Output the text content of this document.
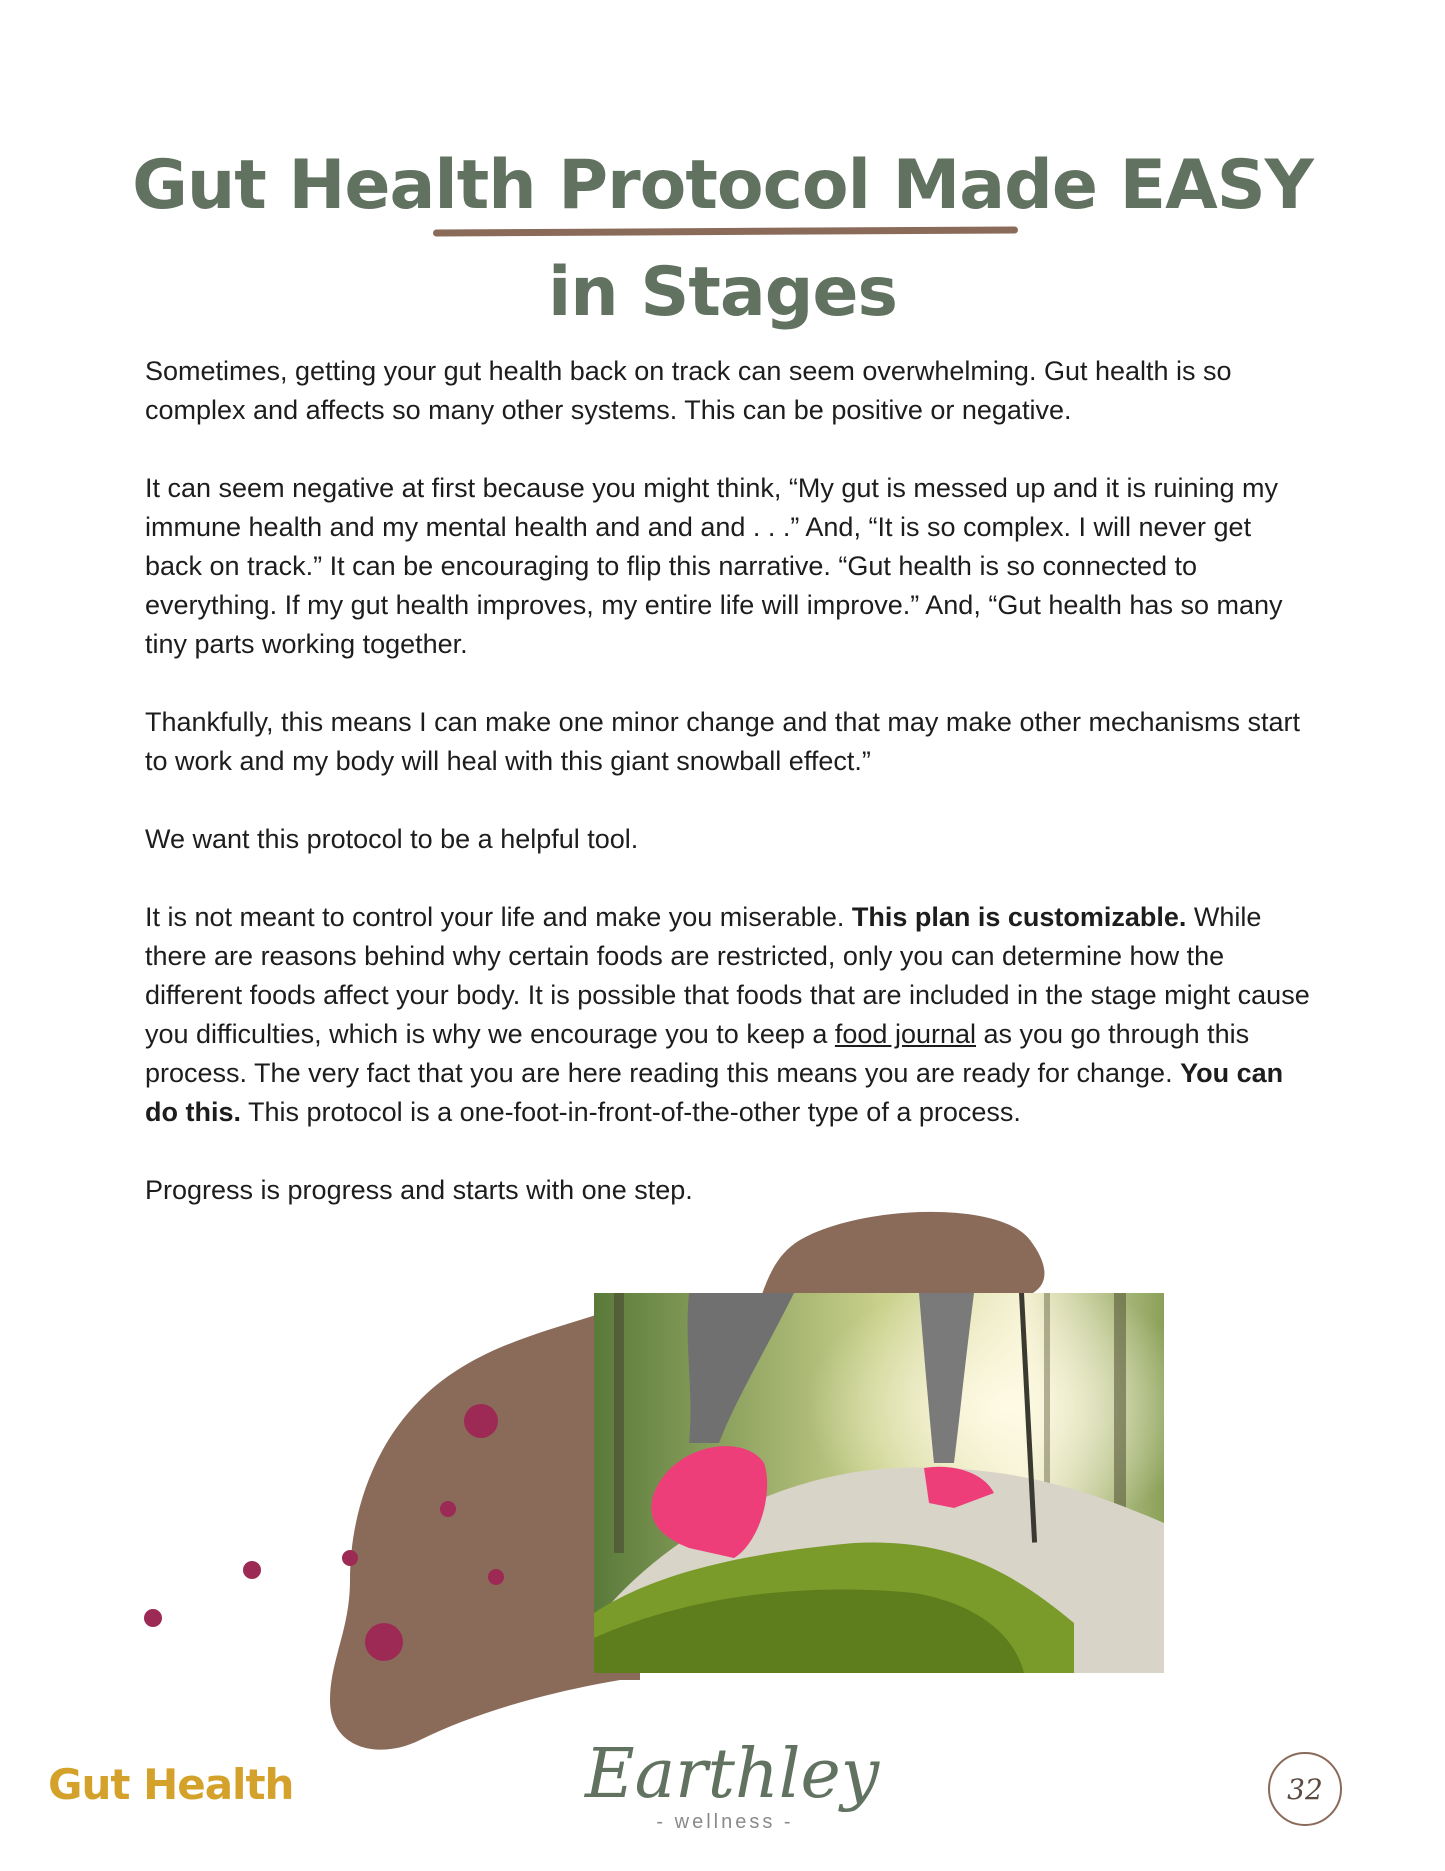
Gut Health Protocol Made EASY
in Stages

Sometimes, getting your gut health back on track can seem overwhelming. Gut health is so complex and affects so many other systems. This can be positive or negative.

It can seem negative at first because you might think, “My gut is messed up and it is ruining my immune health and my mental health and and and . . .” And, “It is so complex. I will never get back on track.” It can be encouraging to flip this narrative. “Gut health is so connected to everything. If my gut health improves, my entire life will improve.” And, “Gut health has so many tiny parts working together.

Thankfully, this means I can make one minor change and that may make other mechanisms start to work and my body will heal with this giant snowball effect.”

We want this protocol to be a helpful tool.

It is not meant to control your life and make you miserable. This plan is customizable. While there are reasons behind why certain foods are restricted, only you can determine how the different foods affect your body. It is possible that foods that are included in the stage might cause you difficulties, which is why we encourage you to keep a food journal as you go through this process. The very fact that you are here reading this means you are ready for change. You can do this. This protocol is a one-foot-in-front-of-the-other type of a process.

Progress is progress and starts with one step.

Gut Health	Earthley
- wellness -
32
